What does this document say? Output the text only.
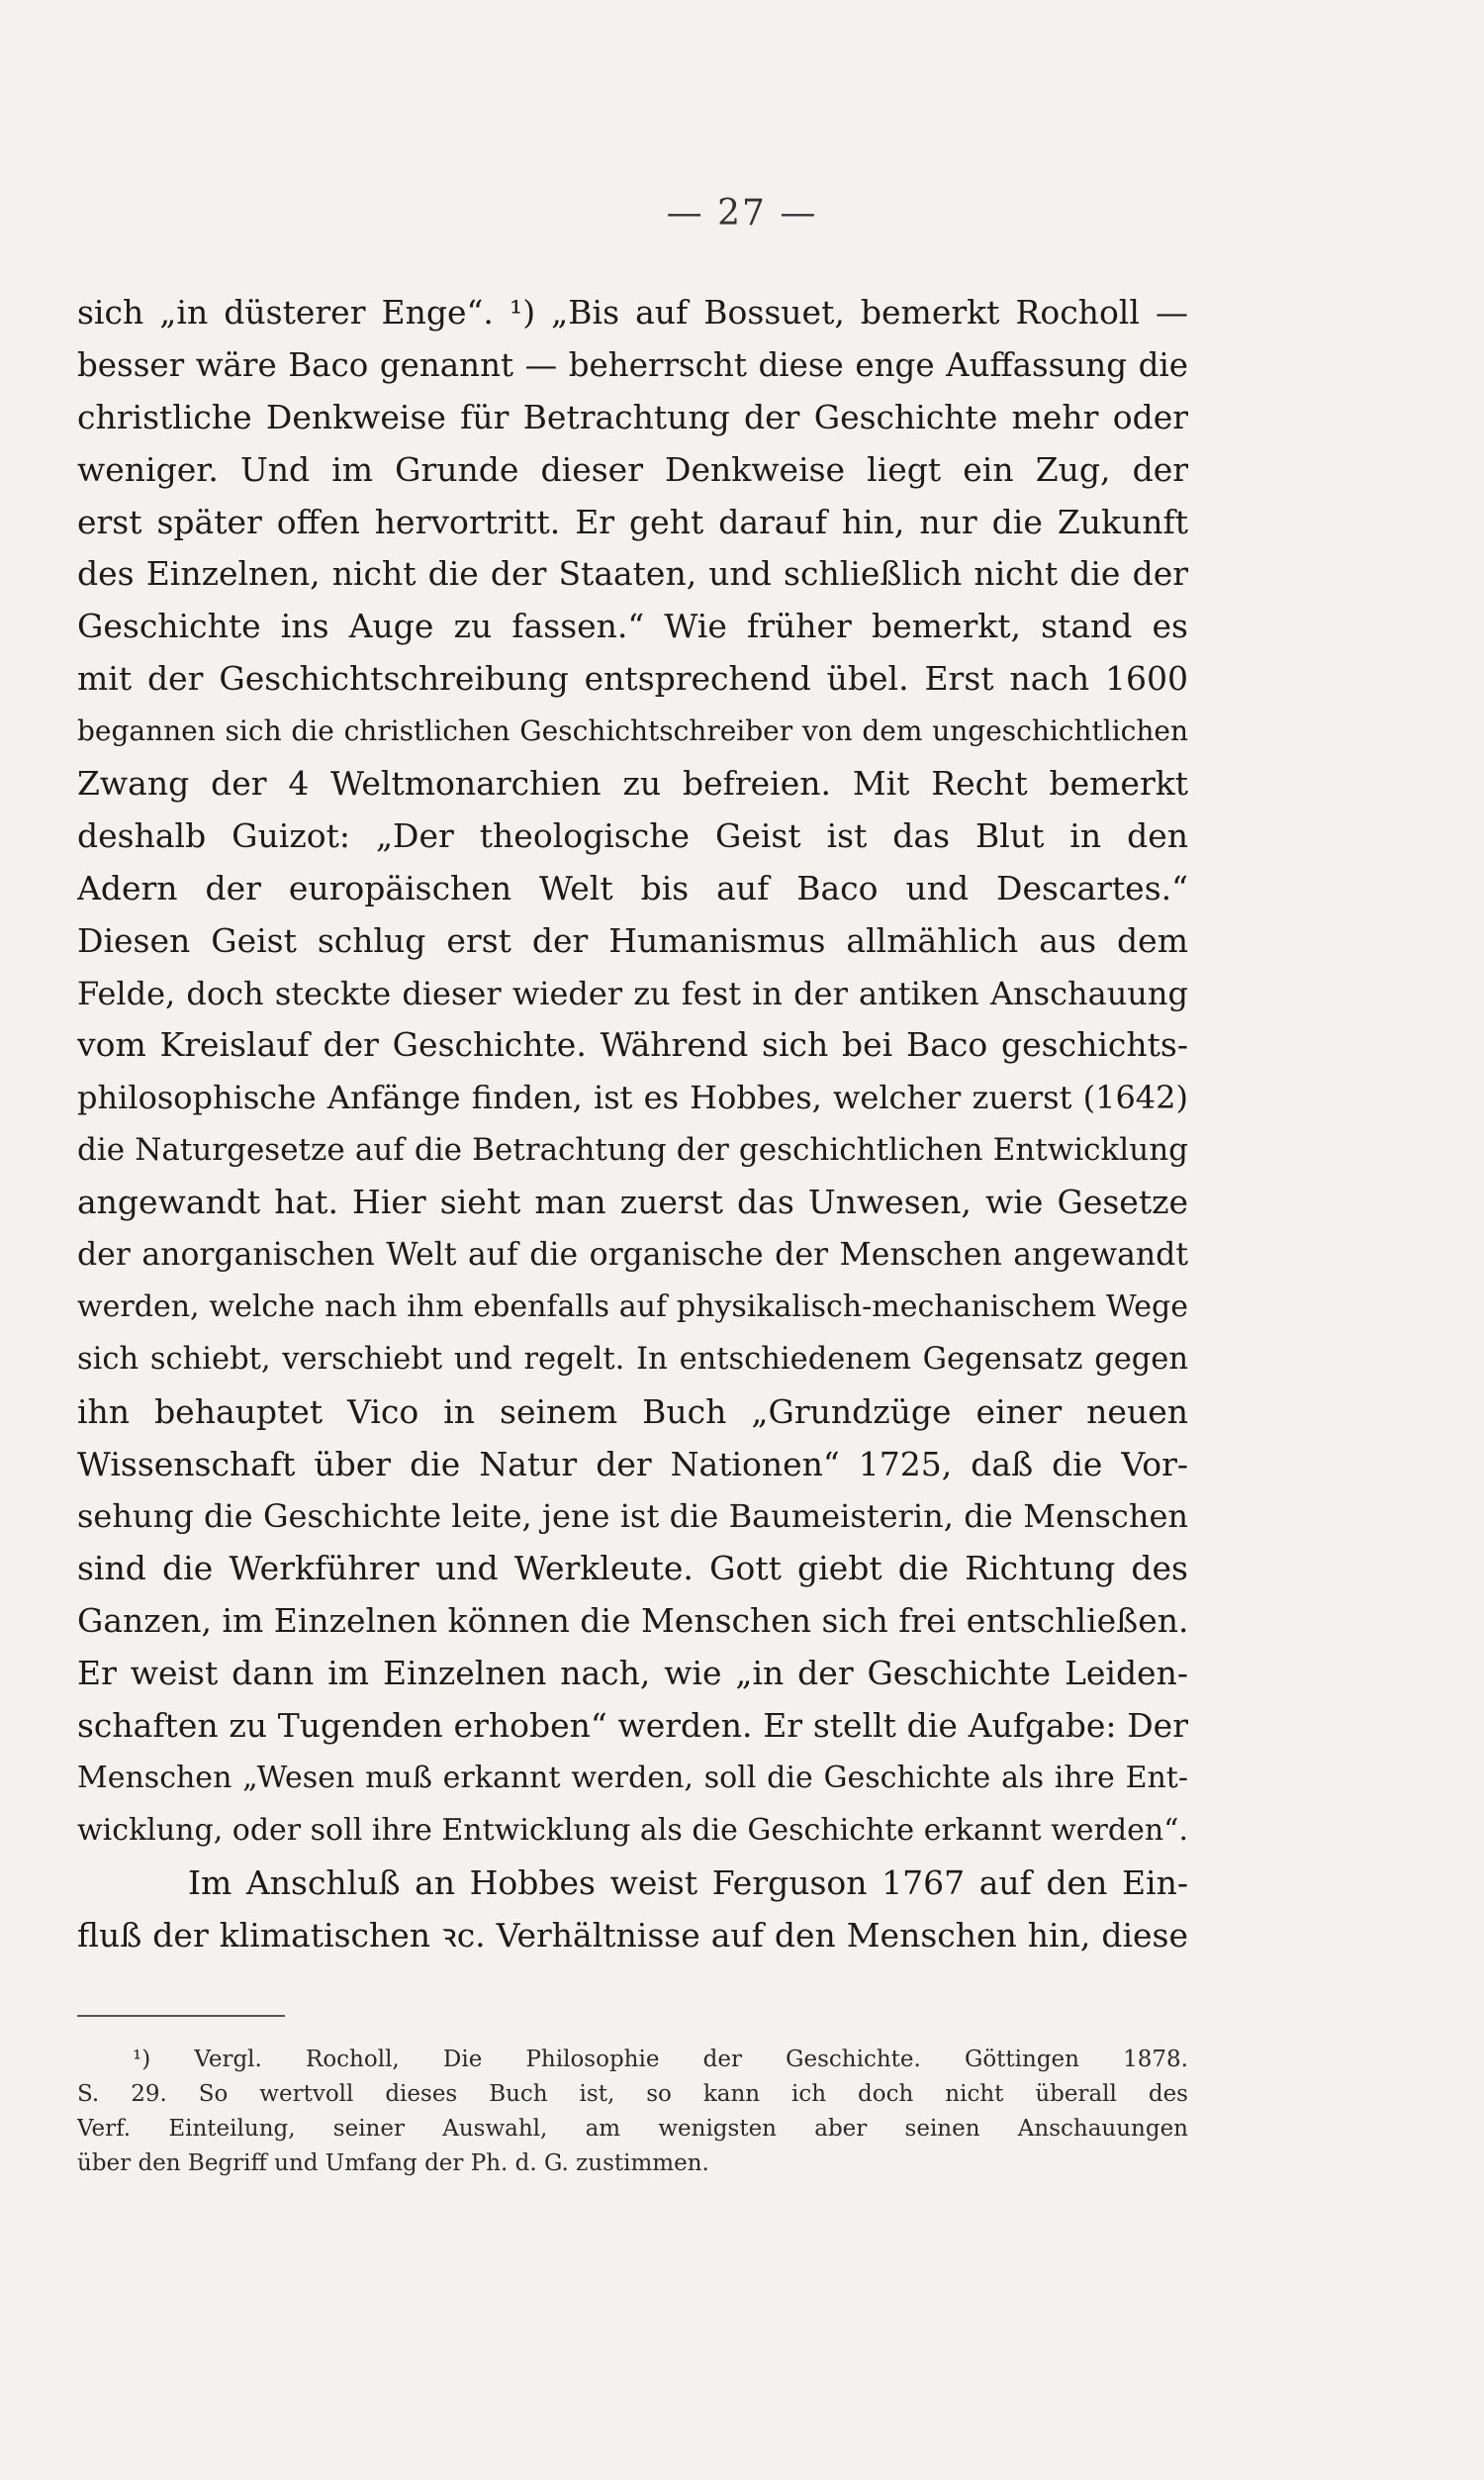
— 27 —
sich „in düsterer Enge“. ¹) „Bis auf Bossuet, bemerkt Rocholl —
besser wäre Baco genannt — beherrscht diese enge Auffassung die
christliche Denkweise für Betrachtung der Geschichte mehr oder
weniger. Und im Grunde dieser Denkweise liegt ein Zug, der
erst später offen hervortritt. Er geht darauf hin, nur die Zukunft
des Einzelnen, nicht die der Staaten, und schließlich nicht die der
Geschichte ins Auge zu fassen.“ Wie früher bemerkt, stand es
mit der Geschichtschreibung entsprechend übel. Erst nach 1600
begannen sich die christlichen Geschichtschreiber von dem ungeschichtlichen
Zwang der 4 Weltmonarchien zu befreien. Mit Recht bemerkt
deshalb Guizot: „Der theologische Geist ist das Blut in den
Adern der europäischen Welt bis auf Baco und Descartes.“
Diesen Geist schlug erst der Humanismus allmählich aus dem
Felde, doch steckte dieser wieder zu fest in der antiken Anschauung
vom Kreislauf der Geschichte. Während sich bei Baco geschichts-
philosophische Anfänge finden, ist es Hobbes, welcher zuerst (1642)
die Naturgesetze auf die Betrachtung der geschichtlichen Entwicklung
angewandt hat. Hier sieht man zuerst das Unwesen, wie Gesetze
der anorganischen Welt auf die organische der Menschen angewandt
werden, welche nach ihm ebenfalls auf physikalisch-mechanischem Wege
sich schiebt, verschiebt und regelt. In entschiedenem Gegensatz gegen
ihn behauptet Vico in seinem Buch „Grundzüge einer neuen
Wissenschaft über die Natur der Nationen“ 1725, daß die Vor-
sehung die Geschichte leite, jene ist die Baumeisterin, die Menschen
sind die Werkführer und Werkleute. Gott giebt die Richtung des
Ganzen, im Einzelnen können die Menschen sich frei entschließen.
Er weist dann im Einzelnen nach, wie „in der Geschichte Leiden-
schaften zu Tugenden erhoben“ werden. Er stellt die Aufgabe: Der
Menschen „Wesen muß erkannt werden, soll die Geschichte als ihre Ent-
wicklung, oder soll ihre Entwicklung als die Geschichte erkannt werden“.
Im Anschluß an Hobbes weist Ferguson 1767 auf den Ein-
fluß der klimatischen ꝛc. Verhältnisse auf den Menschen hin, diese
¹) Vergl. Rocholl, Die Philosophie der Geschichte. Göttingen 1878.
S. 29. So wertvoll dieses Buch ist, so kann ich doch nicht überall des
Verf. Einteilung, seiner Auswahl, am wenigsten aber seinen Anschauungen
über den Begriff und Umfang der Ph. d. G. zustimmen.
